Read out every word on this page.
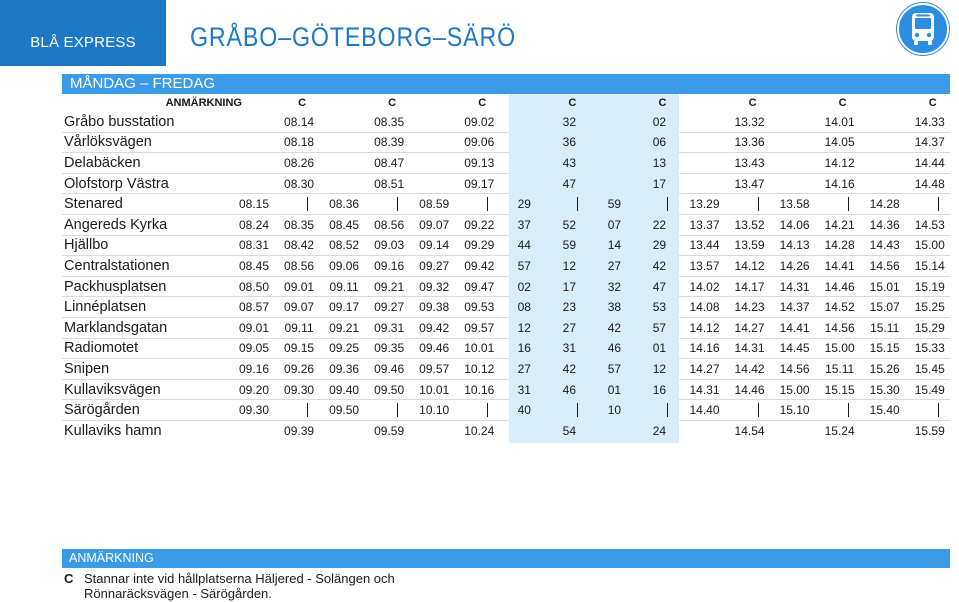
BLÅ EXPRESS	GRÅBO–GÖTEBORG–SÄRÖ
MÅNDAG – FREDAG
ANMÄRKNING	C	C	C	C	C	C	C	C
Gråbo busstation	08.14	08.35	09.02	32	02	13.32	14.01	14.33
Vårlöksvägen	08.18	08.39	09.06	36	06	13.36	14.05	14.37
Delabäcken	08.26	08.47	09.13	43	13	13.43	14.12	14.44
Olofstorp Västra	08.30	08.51	09.17	47	17	13.47	14.16	14.48
Stenared	08.15	08.36	08.59	29	59	13.29	13.58	14.28
Angereds Kyrka	08.24 08.35 08.45 08.56 09.07 09.22 37	52	07	22 13.37 13.52 14.06 14.21 14.36 14.53
Hjällbo	08.31 08.42 08.52 09.03 09.14 09.29 44	59	14	29 13.44 13.59 14.13 14.28 14.43 15.00
Centralstationen	08.45 08.56 09.06 09.16 09.27 09.42 57	12	27	42 13.57 14.12 14.26 14.41 14.56 15.14
Packhusplatsen	08.50 09.01 09.11 09.21 09.32 09.47 02	17	32	47 14.02 14.17 14.31 14.46 15.01 15.19
Linnéplatsen	08.57 09.07 09.17 09.27 09.38 09.53 08	23	38	53 14.08 14.23 14.37 14.52 15.07 15.25
Marklandsgatan	09.01 09.11 09.21 09.31 09.42 09.57 12	27	42	57 14.12 14.27 14.41 14.56 15.11 15.29
Radiomotet	09.05 09.15 09.25 09.35 09.46 10.01 16	31	46	01 14.16 14.31 14.45 15.00 15.15 15.33
Snipen	09.16 09.26 09.36 09.46 09.57 10.12 27	42	57	12 14.27 14.42 14.56 15.11 15.26 15.45
Kullaviksvägen	09.20 09.30 09.40 09.50 10.01 10.16 31	46	01	16 14.31 14.46 15.00 15.15 15.30 15.49
Särögården	09.30	09.50	10.10	40	10	14.40	15.10	15.40
Kullaviks hamn	09.39	09.59	10.24	54	24	14.54	15.24	15.59
ANMÄRKNING
C Stannar inte vid hållplatserna Häljered - Solängen och Rönnaräcksvägen - Särögården.
